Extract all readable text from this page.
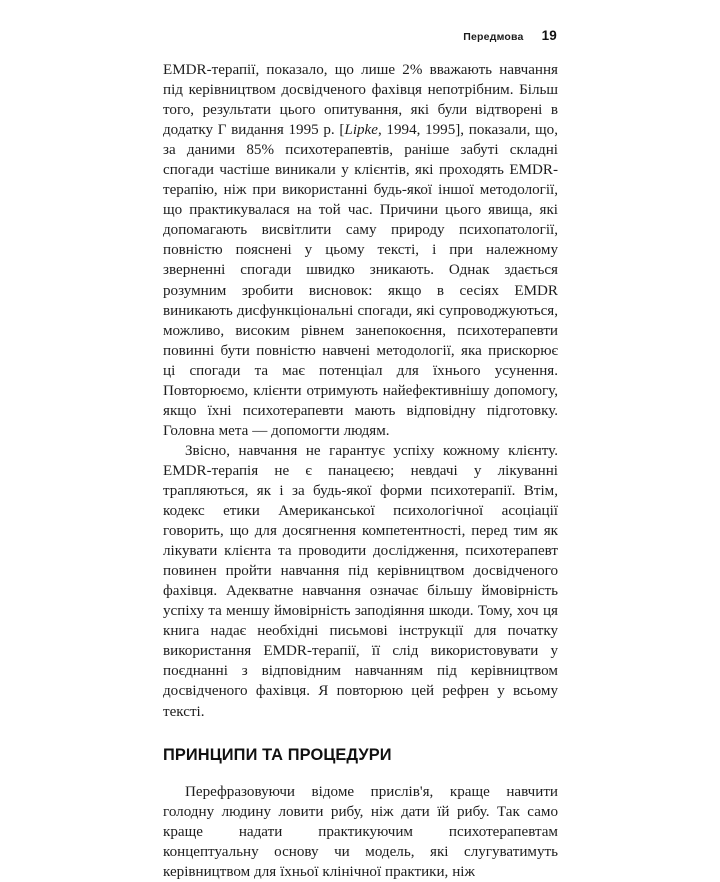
Передмова 19

EMDR-терапії, показало, що лише 2% вважають навчання під керівництвом досвідченого фахівця непотрібним. Більш того, результати цього опитування, які були відтворені в додатку Г видання 1995 р. [Lipke, 1994, 1995], показали, що, за даними 85% психотерапевтів, раніше забуті складні спогади частіше виникали у клієнтів, які проходять EMDR-терапію, ніж при використанні будь-якої іншої методології, що практикувалася на той час. Причини цього явища, які допомагають висвітлити саму природу психопатології, повністю пояснені у цьому тексті, і при належному зверненні спогади швидко зникають. Однак здається розумним зробити висновок: якщо в сесіях EMDR виникають дисфункціональні спогади, які супроводжуються, можливо, високим рівнем занепокоєння, психотерапевти повинні бути повністю навчені методології, яка прискорює ці спогади та має потенціал для їхнього усунення. Повторюємо, клієнти отримують найефективнішу допомогу, якщо їхні психотерапевти мають відповідну підготовку. Головна мета — допомогти людям.

Звісно, навчання не гарантує успіху кожному клієнту. EMDR-терапія не є панацеєю; невдачі у лікуванні трапляються, як і за будь-якої форми психотерапії. Втім, кодекс етики Американської психологічної асоціації говорить, що для досягнення компетентності, перед тим як лікувати клієнта та проводити дослідження, психотерапевт повинен пройти навчання під керівництвом досвідченого фахівця. Адекватне навчання означає більшу ймовірність успіху та меншу ймовірність заподіяння шкоди. Тому, хоч ця книга надає необхідні письмові інструкції для початку використання EMDR-терапії, її слід використовувати у поєднанні з відповідним навчанням під керівництвом досвідченого фахівця. Я повторюю цей рефрен у всьому тексті.

ПРИНЦИПИ ТА ПРОЦЕДУРИ

Перефразовуючи відоме прислів'я, краще навчити голодну людину ловити рибу, ніж дати їй рибу. Так само краще надати практикуючим психотерапевтам концептуальну основу чи модель, які слугуватимуть керівництвом для їхньої клінічної практики, ніж
